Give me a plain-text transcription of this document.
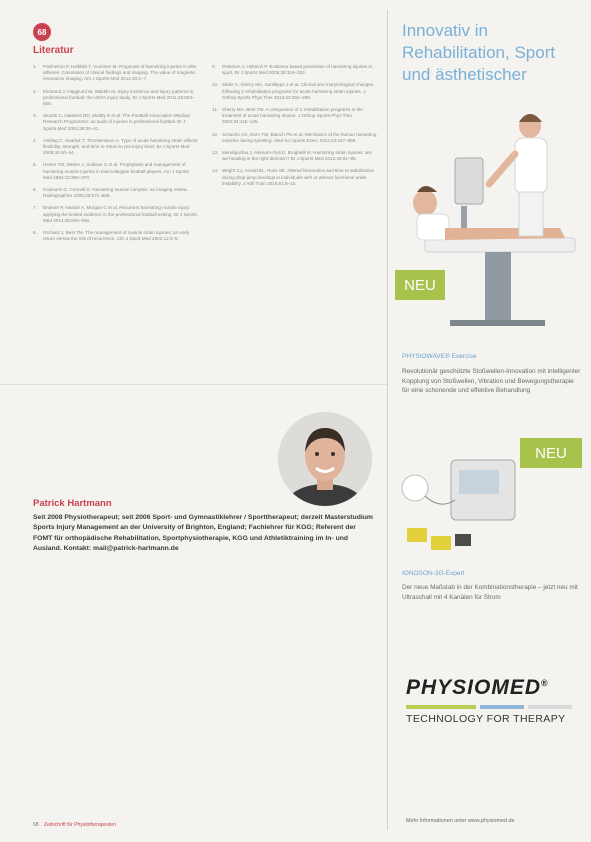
68
Literatur
1.	Paloheimo P, Heikkilä T, Vuorinen M. Prognosis of hamstring injuries in elite athletes. Correlation of clinical findings and imaging. The value of magnetic resonance imaging. Am J Sports Med 2012;40:1–7.
2.	Ekstrand J, Hägglund M, Waldén M. Injury incidence and injury patterns in professional football: the UEFA injury study. Br J Sports Med 2011;45:553–558.
3.	Woods C, Hawkins RD, Maltby S et al. The Football Association Medical Research Programme: an audit of injuries in professional football. Br J Sports Med 2004;38:36–41.
4.	Askling C, Saartok T, Thorstensson A. Type of acute hamstring strain affects flexibility, strength, and time to return to pre-injury level. Br J Sports Med 2006;40:40–44.
5.	Heiser TM, Weber J, Sullivan G et al. Prophylaxis and management of hamstring muscle injuries in intercollegiate football players. Am J Sports Med 1984;12:368–370.
6.	Koulouris G, Connell D. Hamstring muscle complex: an imaging review. Radiographics 2005;25:571–586.
7.	Brukner P, Nealon A, Morgan C et al. Recurrent hamstring muscle injury: applying the limited evidence in the professional football setting. Br J Sports Med 2014;48:929–938.
8.	Orchard J, Best TM. The management of muscle strain injuries: an early return versus the risk of recurrence. Clin J Sport Med 2002;12:3–5.
9.	Petersen J, Hölmich P. Evidence based prevention of hamstring injuries in sport. Br J Sports Med 2005;39:319–323.
10. Silder A, Sherry MA, Sanfilippo J et al. Clinical and morphological changes following 2 rehabilitation programs for acute hamstring strain injuries. J Orthop Sports Phys Ther 2013;43:284–299.
11. Sherry MA, Best TM. A comparison of 2 rehabilitation programs in the treatment of acute hamstring strains. J Orthop Sports Phys Ther 2004;34:116–125.
12. Schache AG, Dorn TW, Blanch PD et al. Mechanics of the human hamstring muscles during sprinting. Med Sci Sports Exerc 2012;44:647–658.
13. Mendiguchia J, Alentorn-Geli E, Brughelli M. Hamstring strain injuries: are we heading in the right direction? Br J Sports Med 2012;46:81–85.
14. Wright CJ, Arnold BL, Ross SE. Altered kinematics and time to stabilization during drop-jump landings in individuals with or without functional ankle instability. J Athl Train 2016;51:5–15.
Patrick Hartmann
Seit 2008 Physiotherapeut; seit 2006 Sport- und Gymnastiklehrer / Sporttherapeut; derzeit Masterstudium Sports Injury Management an der University of Brighton, England; Fachlehrer für KGG; Referent der FOMT für orthopädische Rehabilitation, Sportphysiotherapie, KGG und Athletiktraining im In- und Ausland. Kontakt: mail@patrick-hartmann.de
68 Zeitschrift für Physiotherapeuten
Innovativ in Rehabilitation, Sport und ästhetischer
NEU
PHYSIOWAVE® Exercise
Revolutionär geschützte Stoßwellen-Innovation mit intelligenter Kopplung von Stoßwellen, Vibration und Bewegungstherapie für eine schonende und effektive Behandlung
NEU
IONOSON-3G-Expert
Der neue Maßstab in der Kombinationstherapie – jetzt neu mit Ultraschall mit 4 Kanälen für Strom
PHYSIOMED®
TECHNOLOGY FOR THERAPY
Mehr Informationen unter www.physiomed.de
